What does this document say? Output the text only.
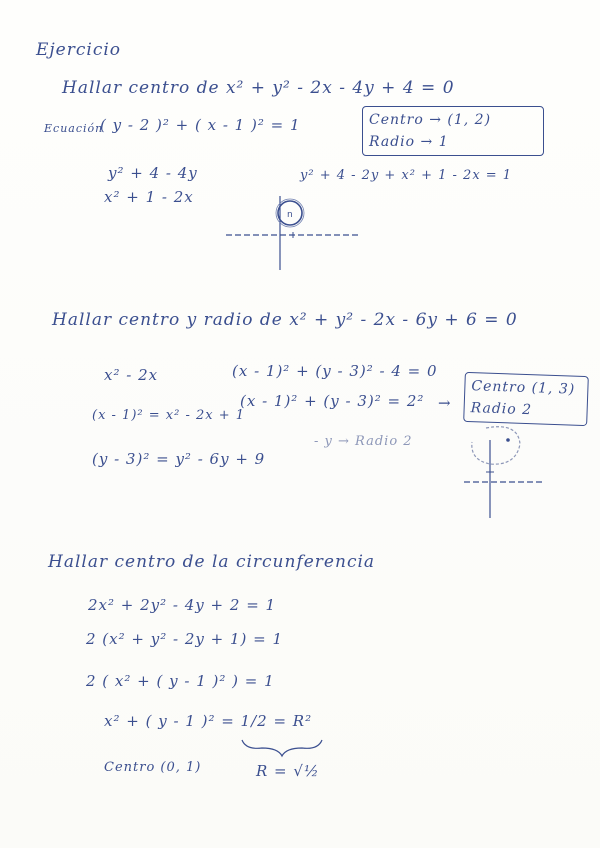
Ejercicio
Hallar centro de x² + y² - 2x - 4y + 4 = 0
Ecuación
( y - 2 )² + ( x - 1 )² = 1	Centro → (1, 2)
Radio → 1
y² + 4 - 4y	y² + 4 - 2y + x² + 1 - 2x = 1
x² + 1 - 2x
n
Hallar centro y radio de x² + y² - 2x - 6y + 6 = 0
x² - 2x	(x - 1)² + (y - 3)² - 4 = 0
(x - 1)² + (y - 3)² = 2² →
Centro (1, 3)
Radio 2
(x - 1)² = x² - 2x + 1
- y → Radio 2
(y - 3)² = y² - 6y + 9
Hallar centro de la circunferencia
2x² + 2y² - 4y + 2 = 1
2 (x² + y² - 2y + 1) = 1
2 ( x² + ( y - 1 )² ) = 1
x² + ( y - 1 )² = 1/2 = R²
Centro (0, 1)	R = √½
